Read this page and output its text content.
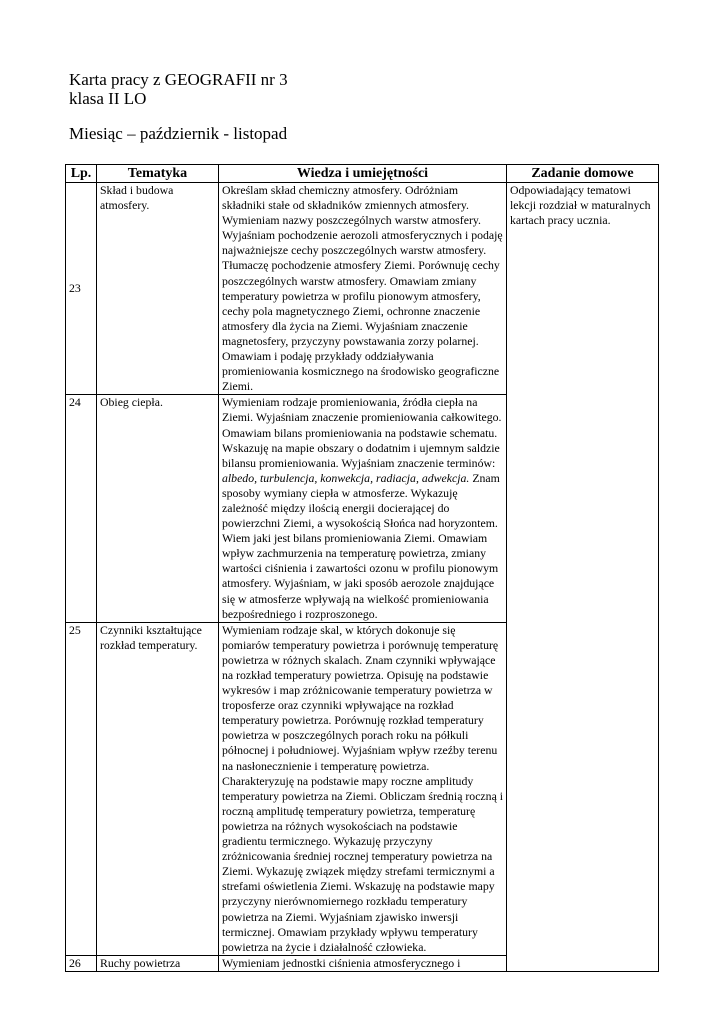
Karta pracy z GEOGRAFII nr 3
klasa II LO
Miesiąc – październik - listopad
Lp.	Tematyka	Wiedza i umiejętności	Zadanie domowe
23	Skład i budowa atmosfery.	Określam skład chemiczny atmosfery. Odróżniam składniki stałe od składników zmiennych atmosfery. Wymieniam nazwy poszczególnych warstw atmosfery. Wyjaśniam pochodzenie aerozoli atmosferycznych i podaję najważniejsze cechy poszczególnych warstw atmosfery. Tłumaczę pochodzenie atmosfery Ziemi. Porównuję cechy poszczególnych warstw atmosfery. Omawiam zmiany temperatury powietrza w profilu pionowym atmosfery, cechy pola magnetycznego Ziemi, ochronne znaczenie atmosfery dla życia na Ziemi. Wyjaśniam znaczenie magnetosfery, przyczyny powstawania zorzy polarnej. Omawiam i podaję przykłady oddziaływania promieniowania kosmicznego na środowisko geograficzne Ziemi.	Odpowiadający tematowi lekcji rozdział w maturalnych kartach pracy ucznia.
24	Obieg ciepła.	Wymieniam rodzaje promieniowania, źródła ciepła na Ziemi. Wyjaśniam znaczenie promieniowania całkowitego. Omawiam bilans promieniowania na podstawie schematu. Wskazuję na mapie obszary o dodatnim i ujemnym saldzie bilansu promieniowania. Wyjaśniam znaczenie terminów: albedo, turbulencja, konwekcja, radiacja, adwekcja. Znam sposoby wymiany ciepła w atmosferze. Wykazuję zależność między ilością energii docierającej do powierzchni Ziemi, a wysokością Słońca nad horyzontem. Wiem jaki jest bilans promieniowania Ziemi. Omawiam wpływ zachmurzenia na temperaturę powietrza, zmiany wartości ciśnienia i zawartości ozonu w profilu pionowym atmosfery. Wyjaśniam, w jaki sposób aerozole znajdujące się w atmosferze wpływają na wielkość promieniowania bezpośredniego i rozproszonego.	
25	Czynniki kształtujące rozkład temperatury.	Wymieniam rodzaje skal, w których dokonuje się pomiarów temperatury powietrza i porównuję temperaturę powietrza w różnych skalach. Znam czynniki wpływające na rozkład temperatury powietrza. Opisuję na podstawie wykresów i map zróżnicowanie temperatury powietrza w troposferze oraz czynniki wpływające na rozkład temperatury powietrza. Porównuję rozkład temperatury powietrza w poszczególnych porach roku na półkuli północnej i południowej. Wyjaśniam wpływ rzeźby terenu na nasłonecznienie i temperaturę powietrza. Charakteryzuję na podstawie mapy roczne amplitudy temperatury powietrza na Ziemi. Obliczam średnią roczną i roczną amplitudę temperatury powietrza, temperaturę powietrza na różnych wysokościach na podstawie gradientu termicznego. Wykazuję przyczyny zróżnicowania średniej rocznej temperatury powietrza na Ziemi. Wykazuję związek między strefami termicznymi a strefami oświetlenia Ziemi. Wskazuję na podstawie mapy przyczyny nierównomiernego rozkładu temperatury powietrza na Ziemi. Wyjaśniam zjawisko inwersji termicznej. Omawiam przykłady wpływu temperatury powietrza na życie i działalność człowieka.	
26	Ruchy powietrza	Wymieniam jednostki ciśnienia atmosferycznego i	
